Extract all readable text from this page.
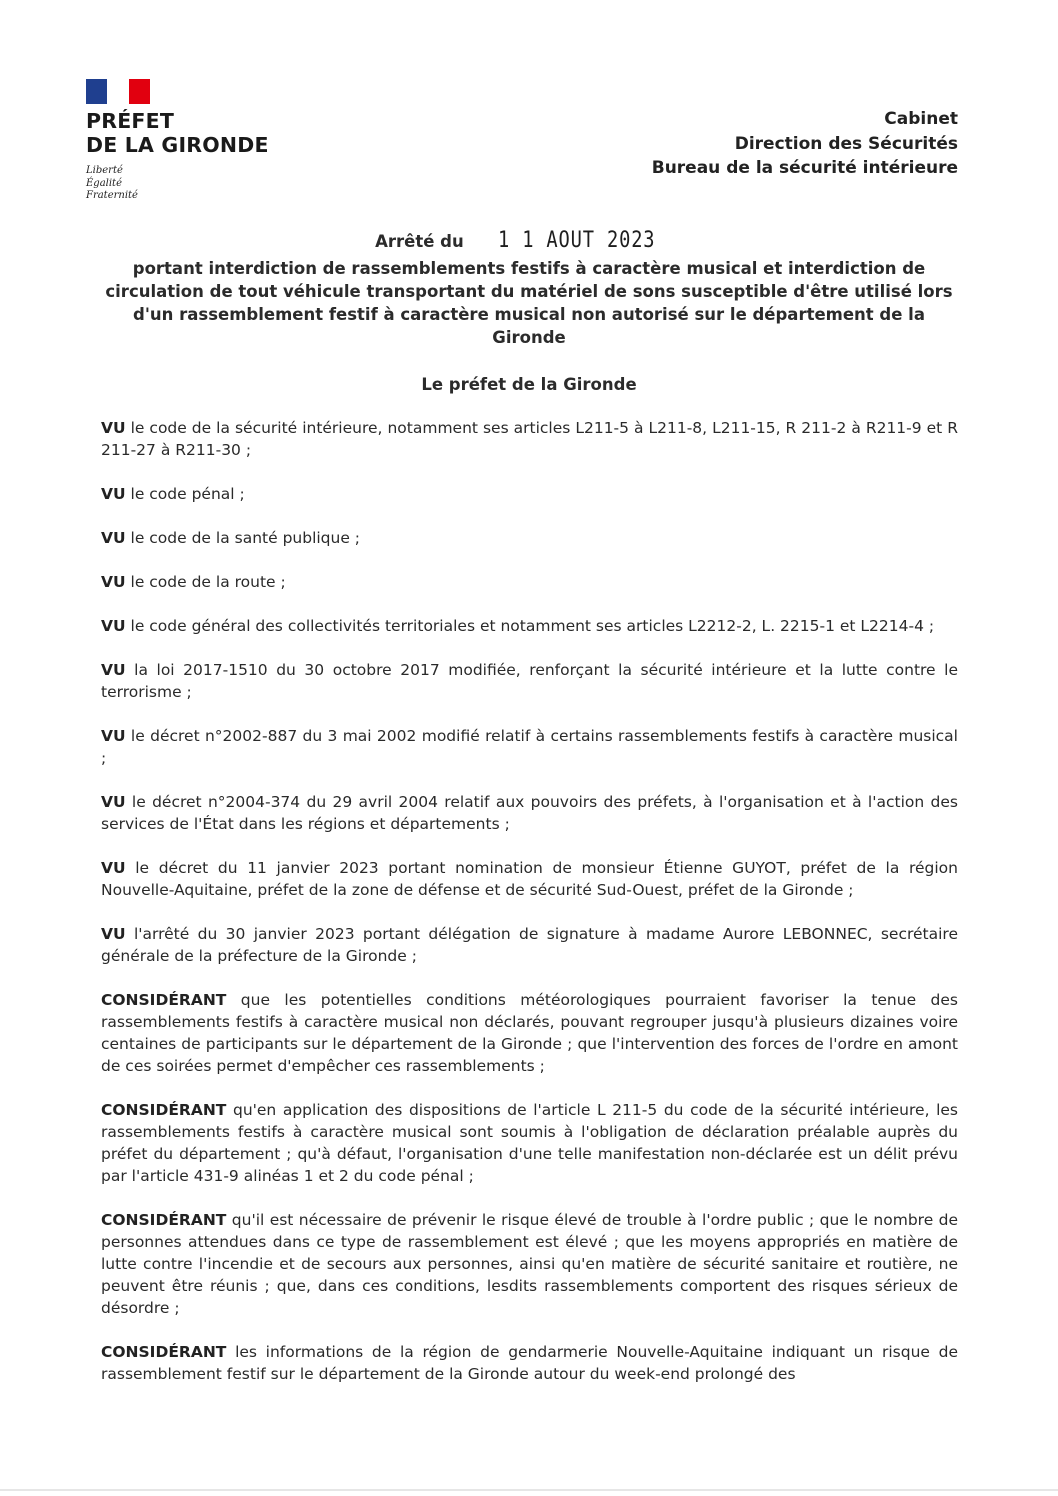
PRÉFET
DE LA GIRONDE
Liberté
Égalité
Fraternité
Cabinet
Direction des Sécurités
Bureau de la sécurité intérieure
Arrêté du 1 1 AOUT 2023
portant interdiction de rassemblements festifs à caractère musical et interdiction de circulation de tout véhicule transportant du matériel de sons susceptible d'être utilisé lors d'un rassemblement festif à caractère musical non autorisé sur le département de la Gironde
Le préfet de la Gironde

VU le code de la sécurité intérieure, notamment ses articles L211-5 à L211-8, L211-15, R 211-2 à R211-9 et R 211-27 à R211-30 ;

VU le code pénal ;

VU le code de la santé publique ;

VU le code de la route ;

VU le code général des collectivités territoriales et notamment ses articles L2212-2, L. 2215-1 et L2214-4 ;

VU la loi 2017-1510 du 30 octobre 2017 modifiée, renforçant la sécurité intérieure et la lutte contre le terrorisme ;

VU le décret n°2002-887 du 3 mai 2002 modifié relatif à certains rassemblements festifs à caractère musical ;

VU le décret n°2004-374 du 29 avril 2004 relatif aux pouvoirs des préfets, à l'organisation et à l'action des services de l'État dans les régions et départements ;

VU le décret du 11 janvier 2023 portant nomination de monsieur Étienne GUYOT, préfet de la région Nouvelle-Aquitaine, préfet de la zone de défense et de sécurité Sud-Ouest, préfet de la Gironde ;

VU l'arrêté du 30 janvier 2023 portant délégation de signature à madame Aurore LEBONNEC, secrétaire générale de la préfecture de la Gironde ;

CONSIDÉRANT que les potentielles conditions météorologiques pourraient favoriser la tenue des rassemblements festifs à caractère musical non déclarés, pouvant regrouper jusqu'à plusieurs dizaines voire centaines de participants sur le département de la Gironde ; que l'intervention des forces de l'ordre en amont de ces soirées permet d'empêcher ces rassemblements ;

CONSIDÉRANT qu'en application des dispositions de l'article L 211-5 du code de la sécurité intérieure, les rassemblements festifs à caractère musical sont soumis à l'obligation de déclaration préalable auprès du préfet du département ; qu'à défaut, l'organisation d'une telle manifestation non-déclarée est un délit prévu par l'article 431-9 alinéas 1 et 2 du code pénal ;

CONSIDÉRANT qu'il est nécessaire de prévenir le risque élevé de trouble à l'ordre public ; que le nombre de personnes attendues dans ce type de rassemblement est élevé ; que les moyens appropriés en matière de lutte contre l'incendie et de secours aux personnes, ainsi qu'en matière de sécurité sanitaire et routière, ne peuvent être réunis ; que, dans ces conditions, lesdits rassemblements comportent des risques sérieux de désordre ;

CONSIDÉRANT les informations de la région de gendarmerie Nouvelle-Aquitaine indiquant un risque de rassemblement festif sur le département de la Gironde autour du week-end prolongé des
